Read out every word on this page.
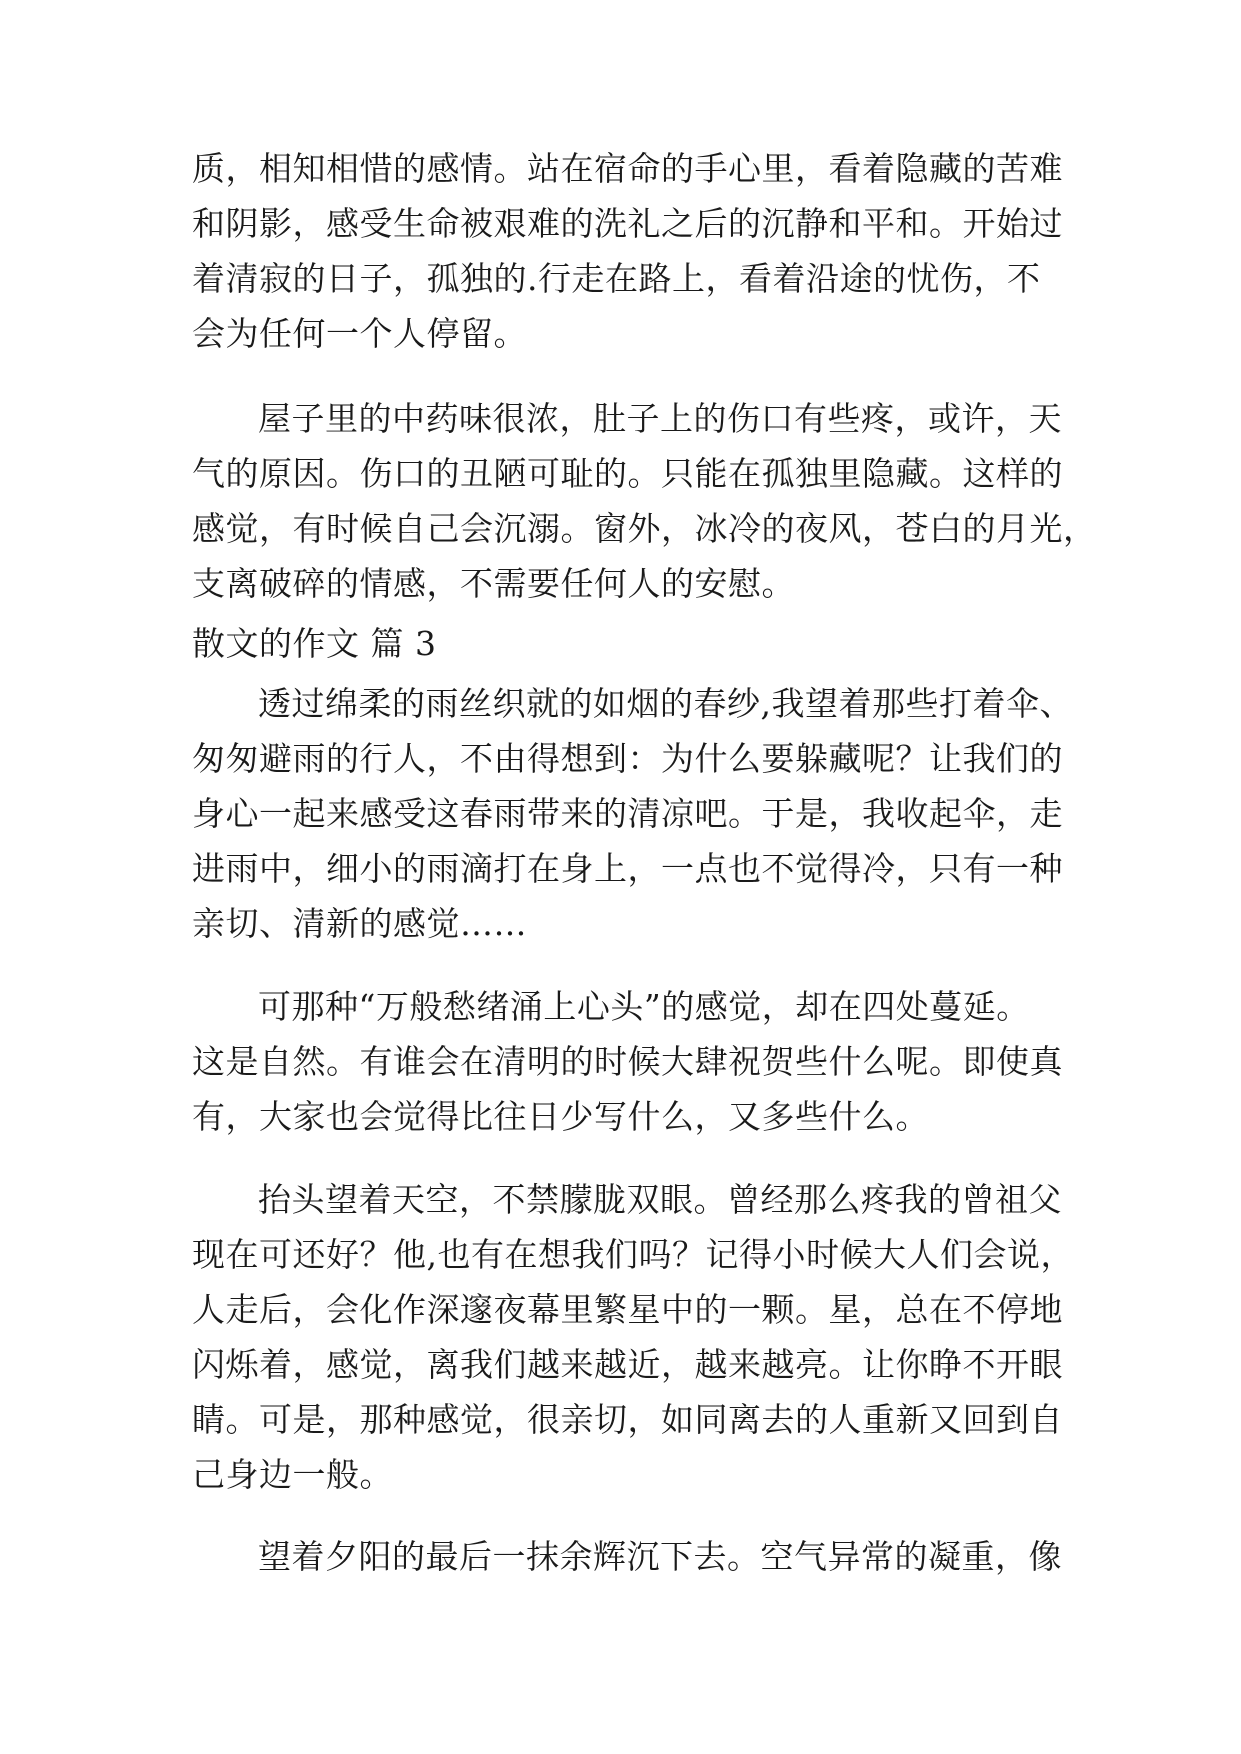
质，相知相惜的感情。站在宿命的手心里，看着隐藏的苦难

和阴影，感受生命被艰难的洗礼之后的沉静和平和。开始过

着清寂的日子，孤独的.行走在路上，看着沿途的忧伤，不

会为任何一个人停留。

屋子里的中药味很浓，肚子上的伤口有些疼，或许，天

气的原因。伤口的丑陋可耻的。只能在孤独里隐藏。这样的

感觉，有时候自己会沉溺。窗外，冰冷的夜风，苍白的月光，

支离破碎的情感，不需要任何人的安慰。

散文的作文 篇 3

透过绵柔的雨丝织就的如烟的春纱,我望着那些打着伞、

匆匆避雨的行人，不由得想到：为什么要躲藏呢？让我们的

身心一起来感受这春雨带来的清凉吧。于是，我收起伞，走

进雨中，细小的雨滴打在身上，一点也不觉得冷，只有一种

亲切、清新的感觉……

可那种“万般愁绪涌上心头”的感觉，却在四处蔓延。

这是自然。有谁会在清明的时候大肆祝贺些什么呢。即使真

有，大家也会觉得比往日少写什么，又多些什么。

抬头望着天空，不禁朦胧双眼。曾经那么疼我的曾祖父

现在可还好？他,也有在想我们吗？记得小时候大人们会说，

人走后，会化作深邃夜幕里繁星中的一颗。星，总在不停地

闪烁着，感觉，离我们越来越近，越来越亮。让你睁不开眼

睛。可是，那种感觉，很亲切，如同离去的人重新又回到自

己身边一般。

望着夕阳的最后一抹余辉沉下去。空气异常的凝重，像
